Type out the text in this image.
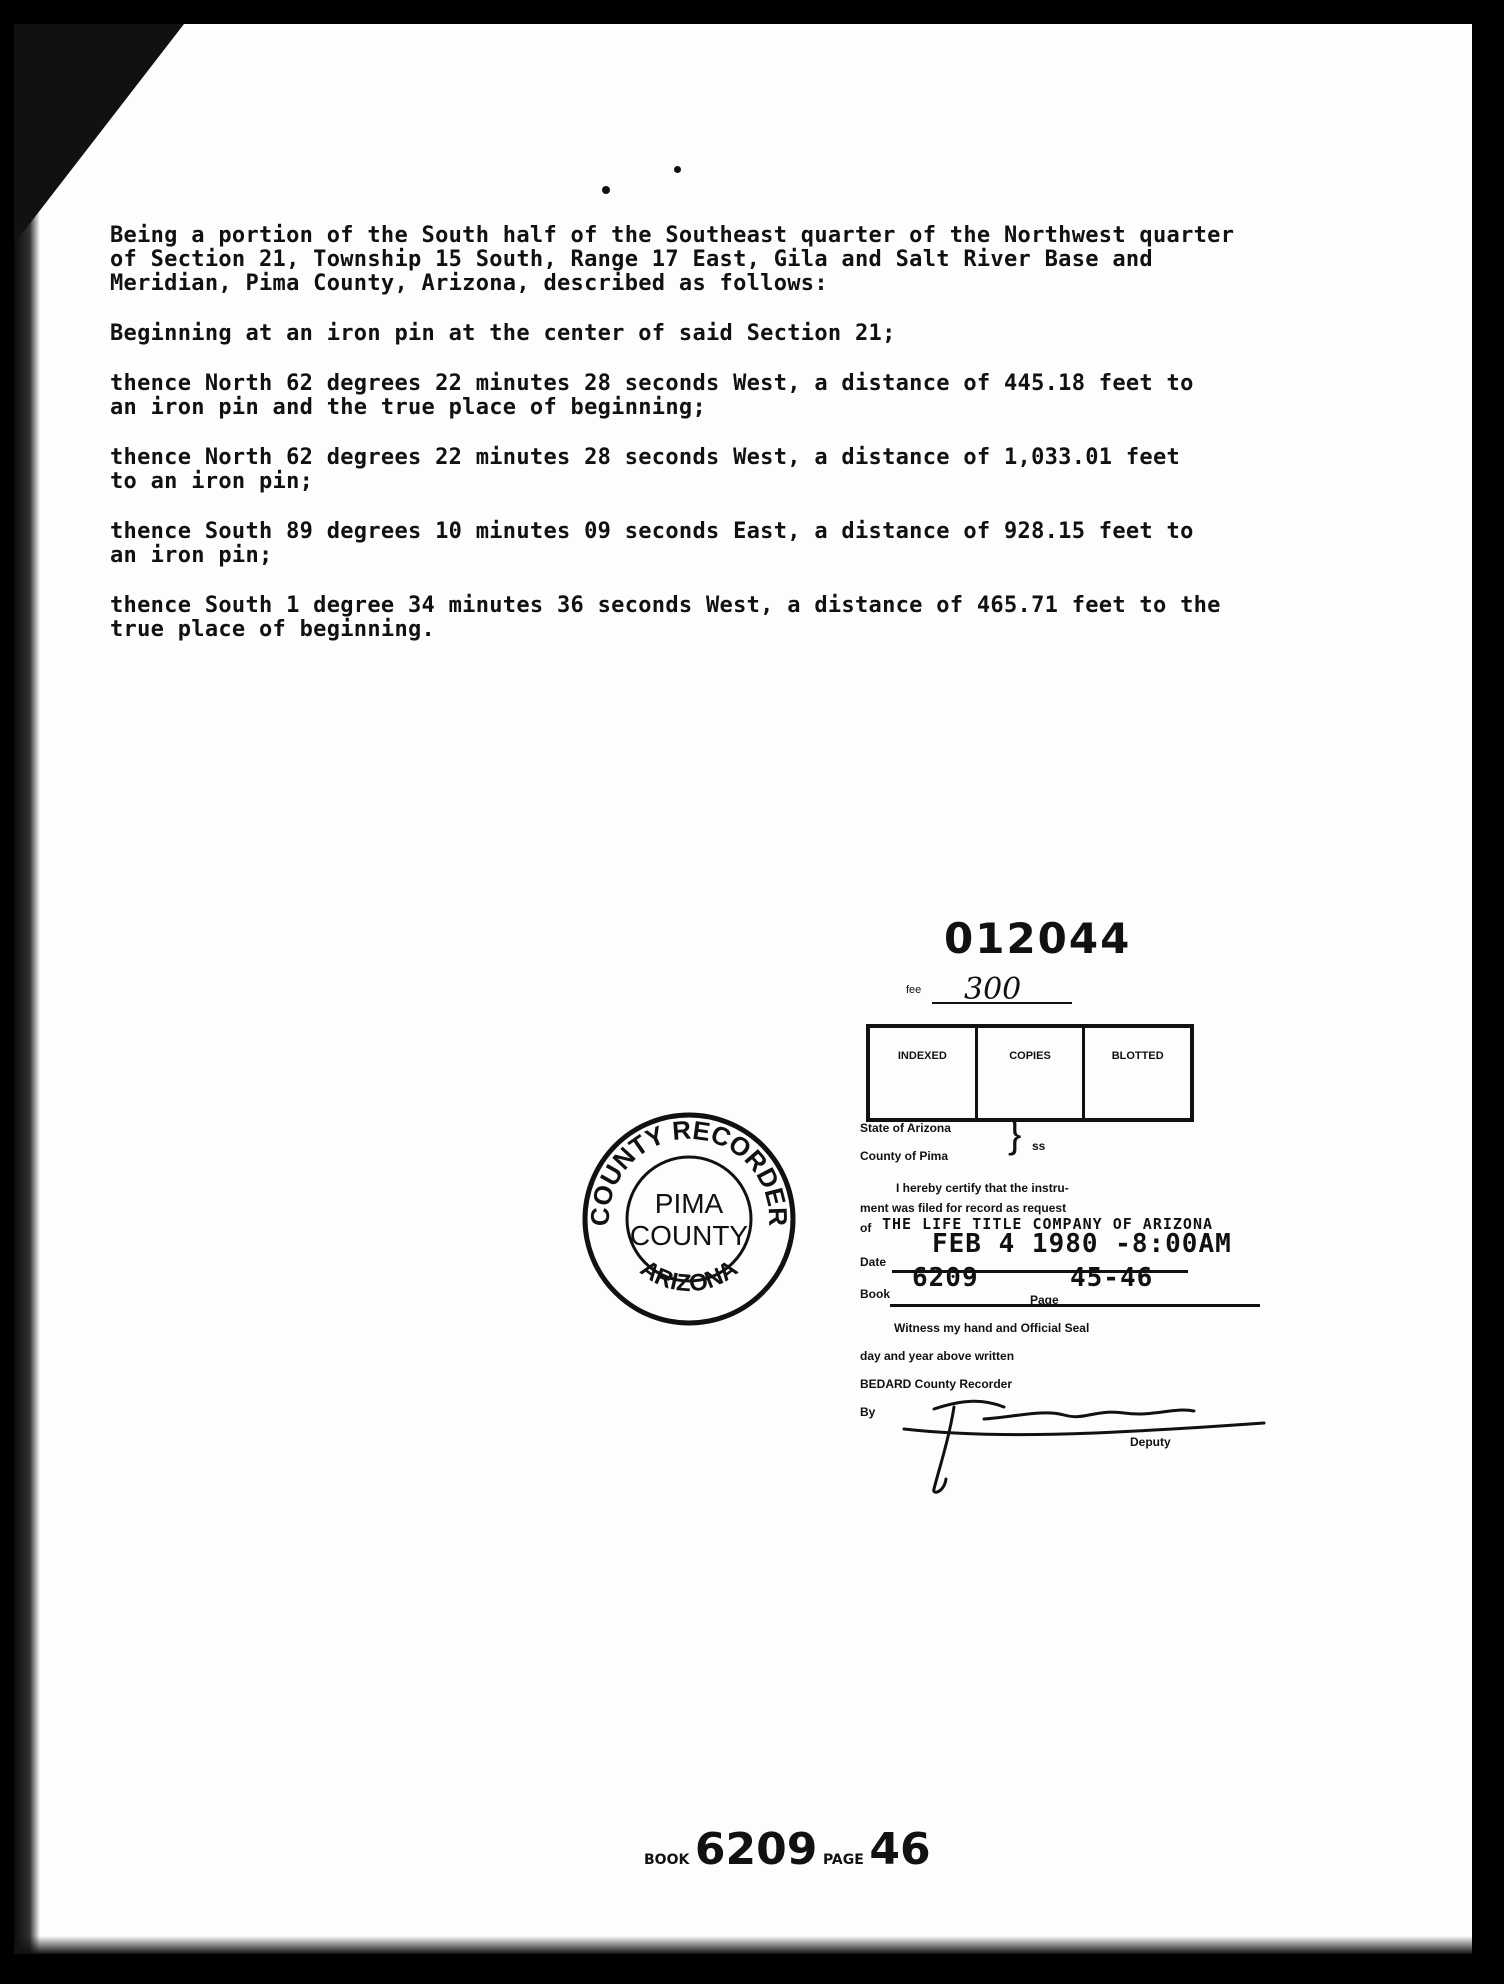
Being a portion of the South half of the Southeast quarter of the Northwest quarter
of Section 21, Township 15 South, Range 17 East, Gila and Salt River Base and
Meridian, Pima County, Arizona, described as follows:

Beginning at an iron pin at the center of said Section 21;

thence North 62 degrees 22 minutes 28 seconds West, a distance of 445.18 feet to
an iron pin and the true place of beginning;

thence North 62 degrees 22 minutes 28 seconds West, a distance of 1,033.01 feet
to an iron pin;

thence South 89 degrees 10 minutes 09 seconds East, a distance of 928.15 feet to
an iron pin;

thence South 1 degree 34 minutes 36 seconds West, a distance of 465.71 feet to the
true place of beginning.

012044
fee 300
INDEXED	COPIES	BLOTTED
State of Arizona
County of Pima } ss
I hereby certify that the instru-
ment was filed for record as request
of THE LIFE TITLE COMPANY OF ARIZONA
Date
FEB 4 1980 -8:00AM
Book
6209
Page
45-46
Witness my hand and Official Seal
day and year above written
BEDARD County Recorder
By
Deputy
COUNTY RECORDER
ARIZONA
PIMA
COUNTY
BOOK 6209 PAGE 46
